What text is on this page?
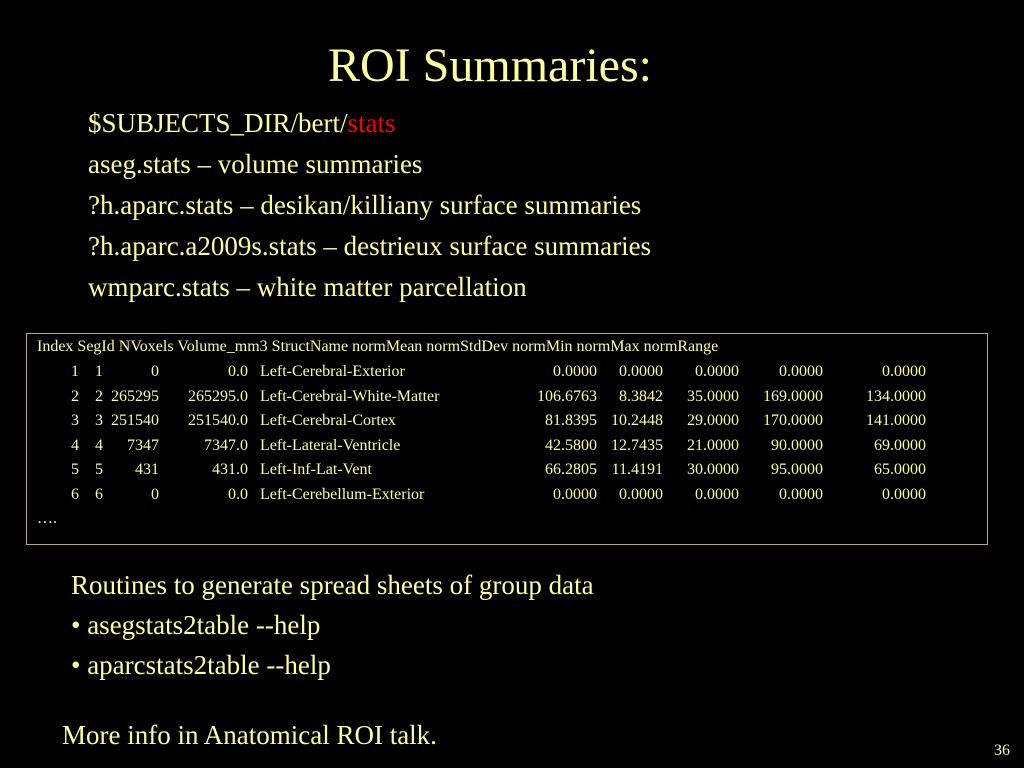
ROI Summaries:
$SUBJECTS_DIR/bert/stats
aseg.stats – volume summaries
?h.aparc.stats – desikan/killiany surface summaries
?h.aparc.a2009s.stats – destrieux surface summaries
wmparc.stats – white matter parcellation
Index SegId NVoxels Volume_mm3 StructName normMean normStdDev normMin normMax normRange
1 1	0	0.0 Left-Cerebral-Exterior	0.0000 0.0000 0.0000	0.0000	0.0000
2 2 265295 265295.0 Left-Cerebral-White-Matter	106.6763 8.3842 35.0000 169.0000	134.0000
3 3 251540 251540.0 Left-Cerebral-Cortex	81.8395 10.2448 29.0000 170.0000	141.0000
4 4 7347	7347.0 Left-Lateral-Ventricle	42.5800 12.7435 21.0000 90.0000	69.0000
5 5 431	431.0 Left-Inf-Lat-Vent	66.2805 11.4191 30.0000 95.0000	65.0000
6 6	0	0.0 Left-Cerebellum-Exterior	0.0000 0.0000 0.0000	0.0000	0.0000
….
Routines to generate spread sheets of group data
• asegstats2table --help
• aparcstats2table --help
More info in Anatomical ROI talk.
36
